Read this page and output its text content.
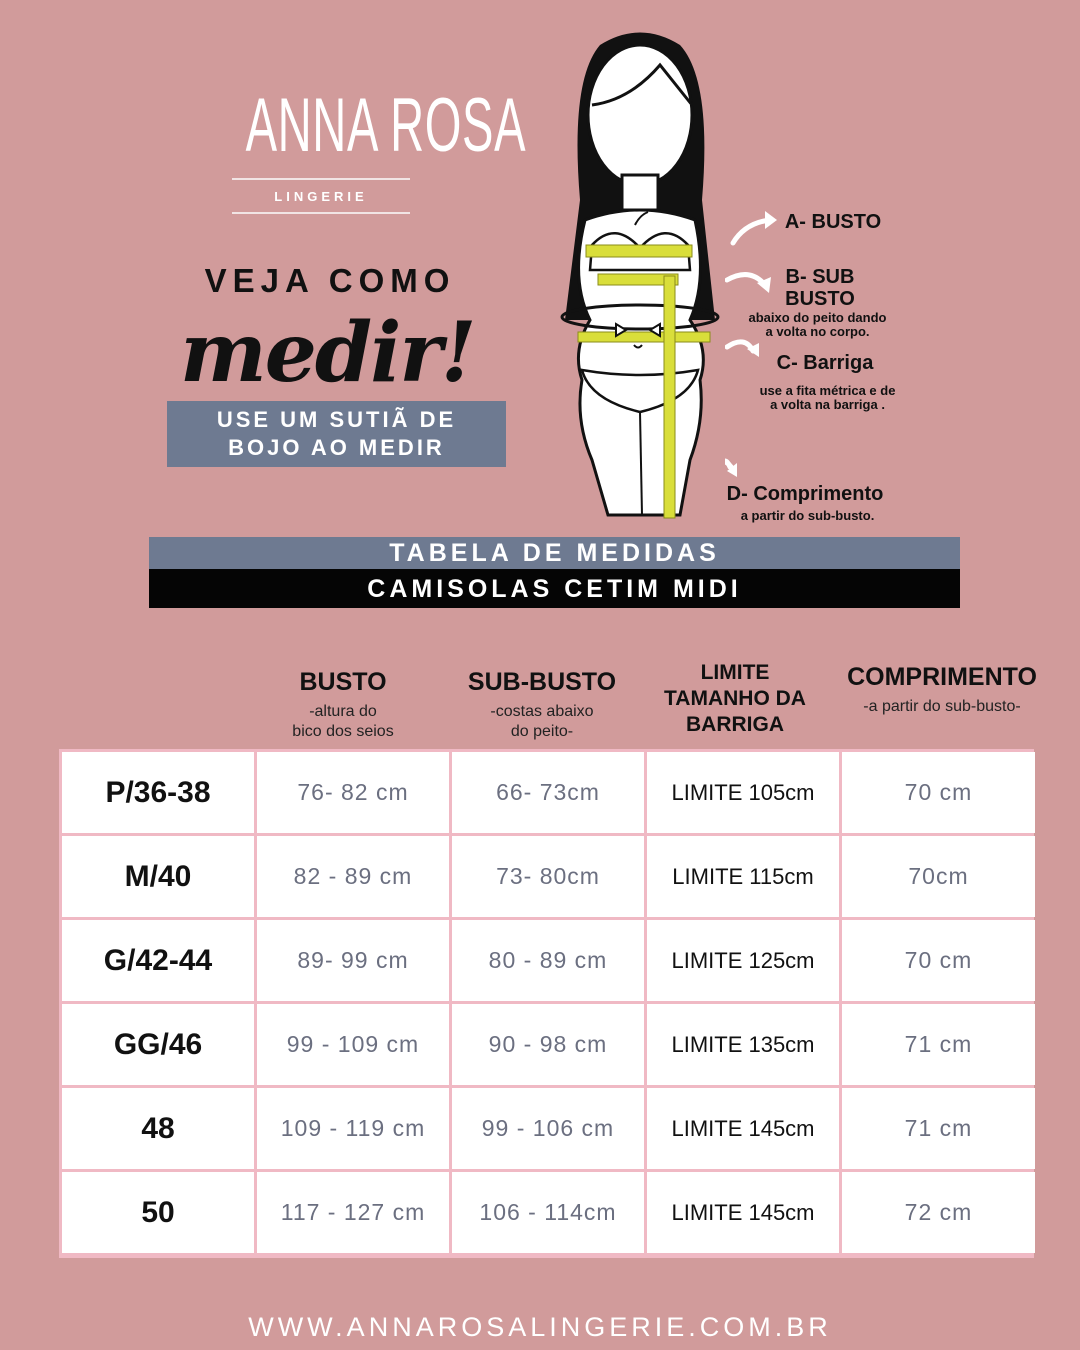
ANNA ROSA
LINGERIE
VEJA COMO
medir!
USE UM SUTIÃ DE
BOJO AO MEDIR
A- BUSTO
B- SUB
BUSTO
abaixo do peito dando
a volta no corpo.
C- Barriga
use a fita métrica e de
a volta na barriga .
D- Comprimento
a partir do sub-busto.
TABELA DE MEDIDAS
CAMISOLAS CETIM MIDI
BUSTO
-altura do
bico dos seios
SUB-BUSTO
-costas abaixo
do peito-
LIMITE
TAMANHO DA
BARRIGA
COMPRIMENTO
-a partir do sub-busto-
P/36-38	76- 82 cm	66- 73cm	LIMITE 105cm	70 cm
M/40	82 - 89 cm	73- 80cm	LIMITE 115cm	70cm
G/42-44	89- 99 cm	80 - 89 cm	LIMITE 125cm	70 cm
GG/46	99 - 109 cm	90 - 98 cm	LIMITE 135cm	71 cm
48	109 - 119 cm	99 - 106 cm	LIMITE 145cm	71 cm
50	117 - 127 cm	106 - 114cm	LIMITE 145cm	72 cm
WWW.ANNAROSALINGERIE.COM.BR
